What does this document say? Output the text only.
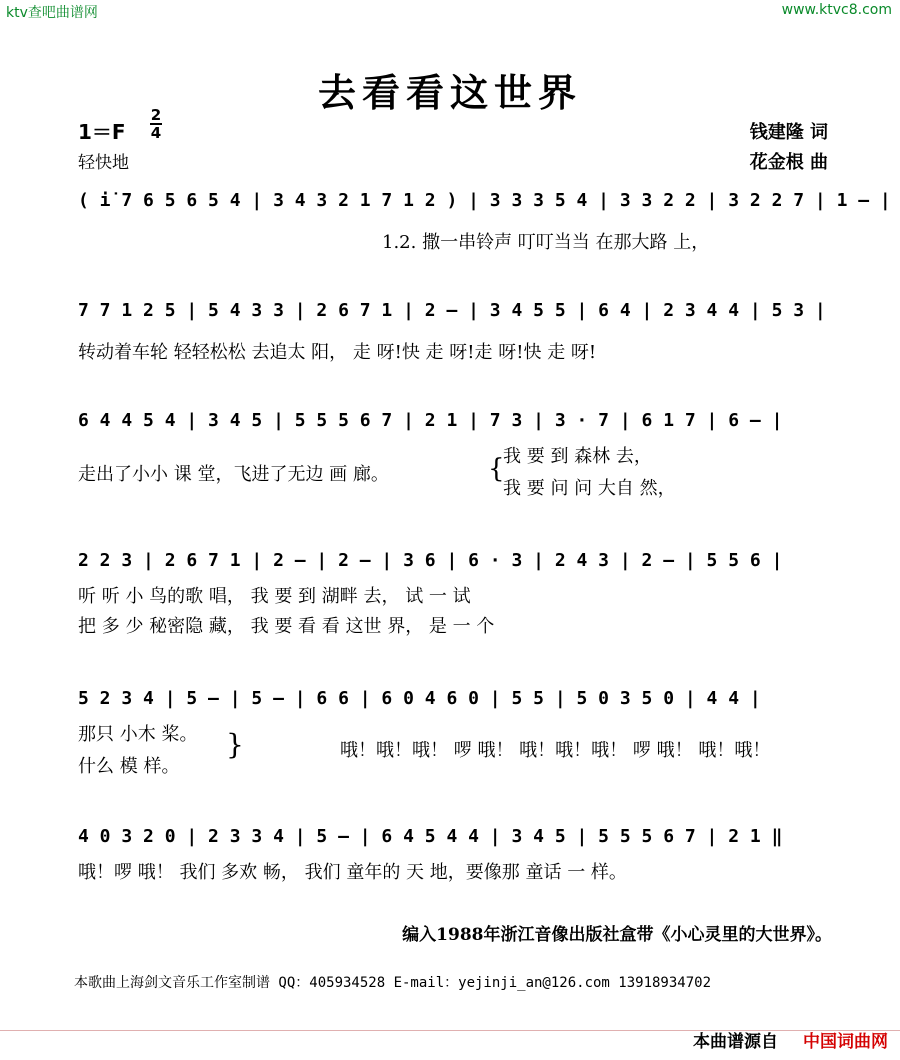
ktv查吧曲谱网	www.ktvc8.com
去看看这世界
1＝F
2
4
轻快地
钱建隆 词
花金根 曲
( i̇ 7 6 5 6 5 4 | 3 4 3 2 1 7 1 2 ) | 3 3 3 5 4 | 3 3 2 2 | 3 2 2 7 | 1 – |
1.2. 撒一串铃声 叮叮当当 在那大路 上，
7 7 1 2 5 | 5 4 3 3 | 2 6 7 1 | 2 – | 3 4 5 5 | 6 4 | 2 3 4 4 | 5 3 |
转动着车轮 轻轻松松 去追太 阳， 走 呀!快 走 呀!走 呀!快 走 呀!
6 4 4 5 4 | 3 4 5 | 5 5 5 6 7 | 2 1 | 7 3 | 3 · 7 | 6 1 7 | 6 – |
走出了小小 课 堂，飞进了无边 画 廊。	{
我 要 到 森林 去，
我 要 问 问 大自 然，
2 2 3 | 2 6 7 1 | 2 – | 2 – | 3 6 | 6 · 3 | 2 4 3 | 2 – | 5 5 6 |
听 听 小 鸟的歌 唱， 我 要 到 湖畔 去， 试 一 试
把 多 少 秘密隐 藏， 我 要 看 看 这世 界， 是 一 个
5 2 3 4 | 5 – | 5 – | 6 6 | 6 0 4 6 0 | 5 5 | 5 0 3 5 0 | 4 4 |
那只 小木 桨。
什么 模 样。
}	哦！哦！哦！ 啰 哦！ 哦！哦！哦！ 啰 哦！ 哦！哦！
4 0 3 2 0 | 2 3 3 4 | 5 – | 6 4 5 4 4 | 3 4 5 | 5 5 5 6 7 | 2 1 ‖
哦！啰 哦！ 我们 多欢 畅， 我们 童年的 天 地，要像那 童话 一 样。
编入1988年浙江音像出版社盒带《小心灵里的大世界》。
本歌曲上海剑文音乐工作室制谱 QQ：405934528 E-mail：yejinji_an@126.com 13918934702
本曲谱源自 中国词曲网
